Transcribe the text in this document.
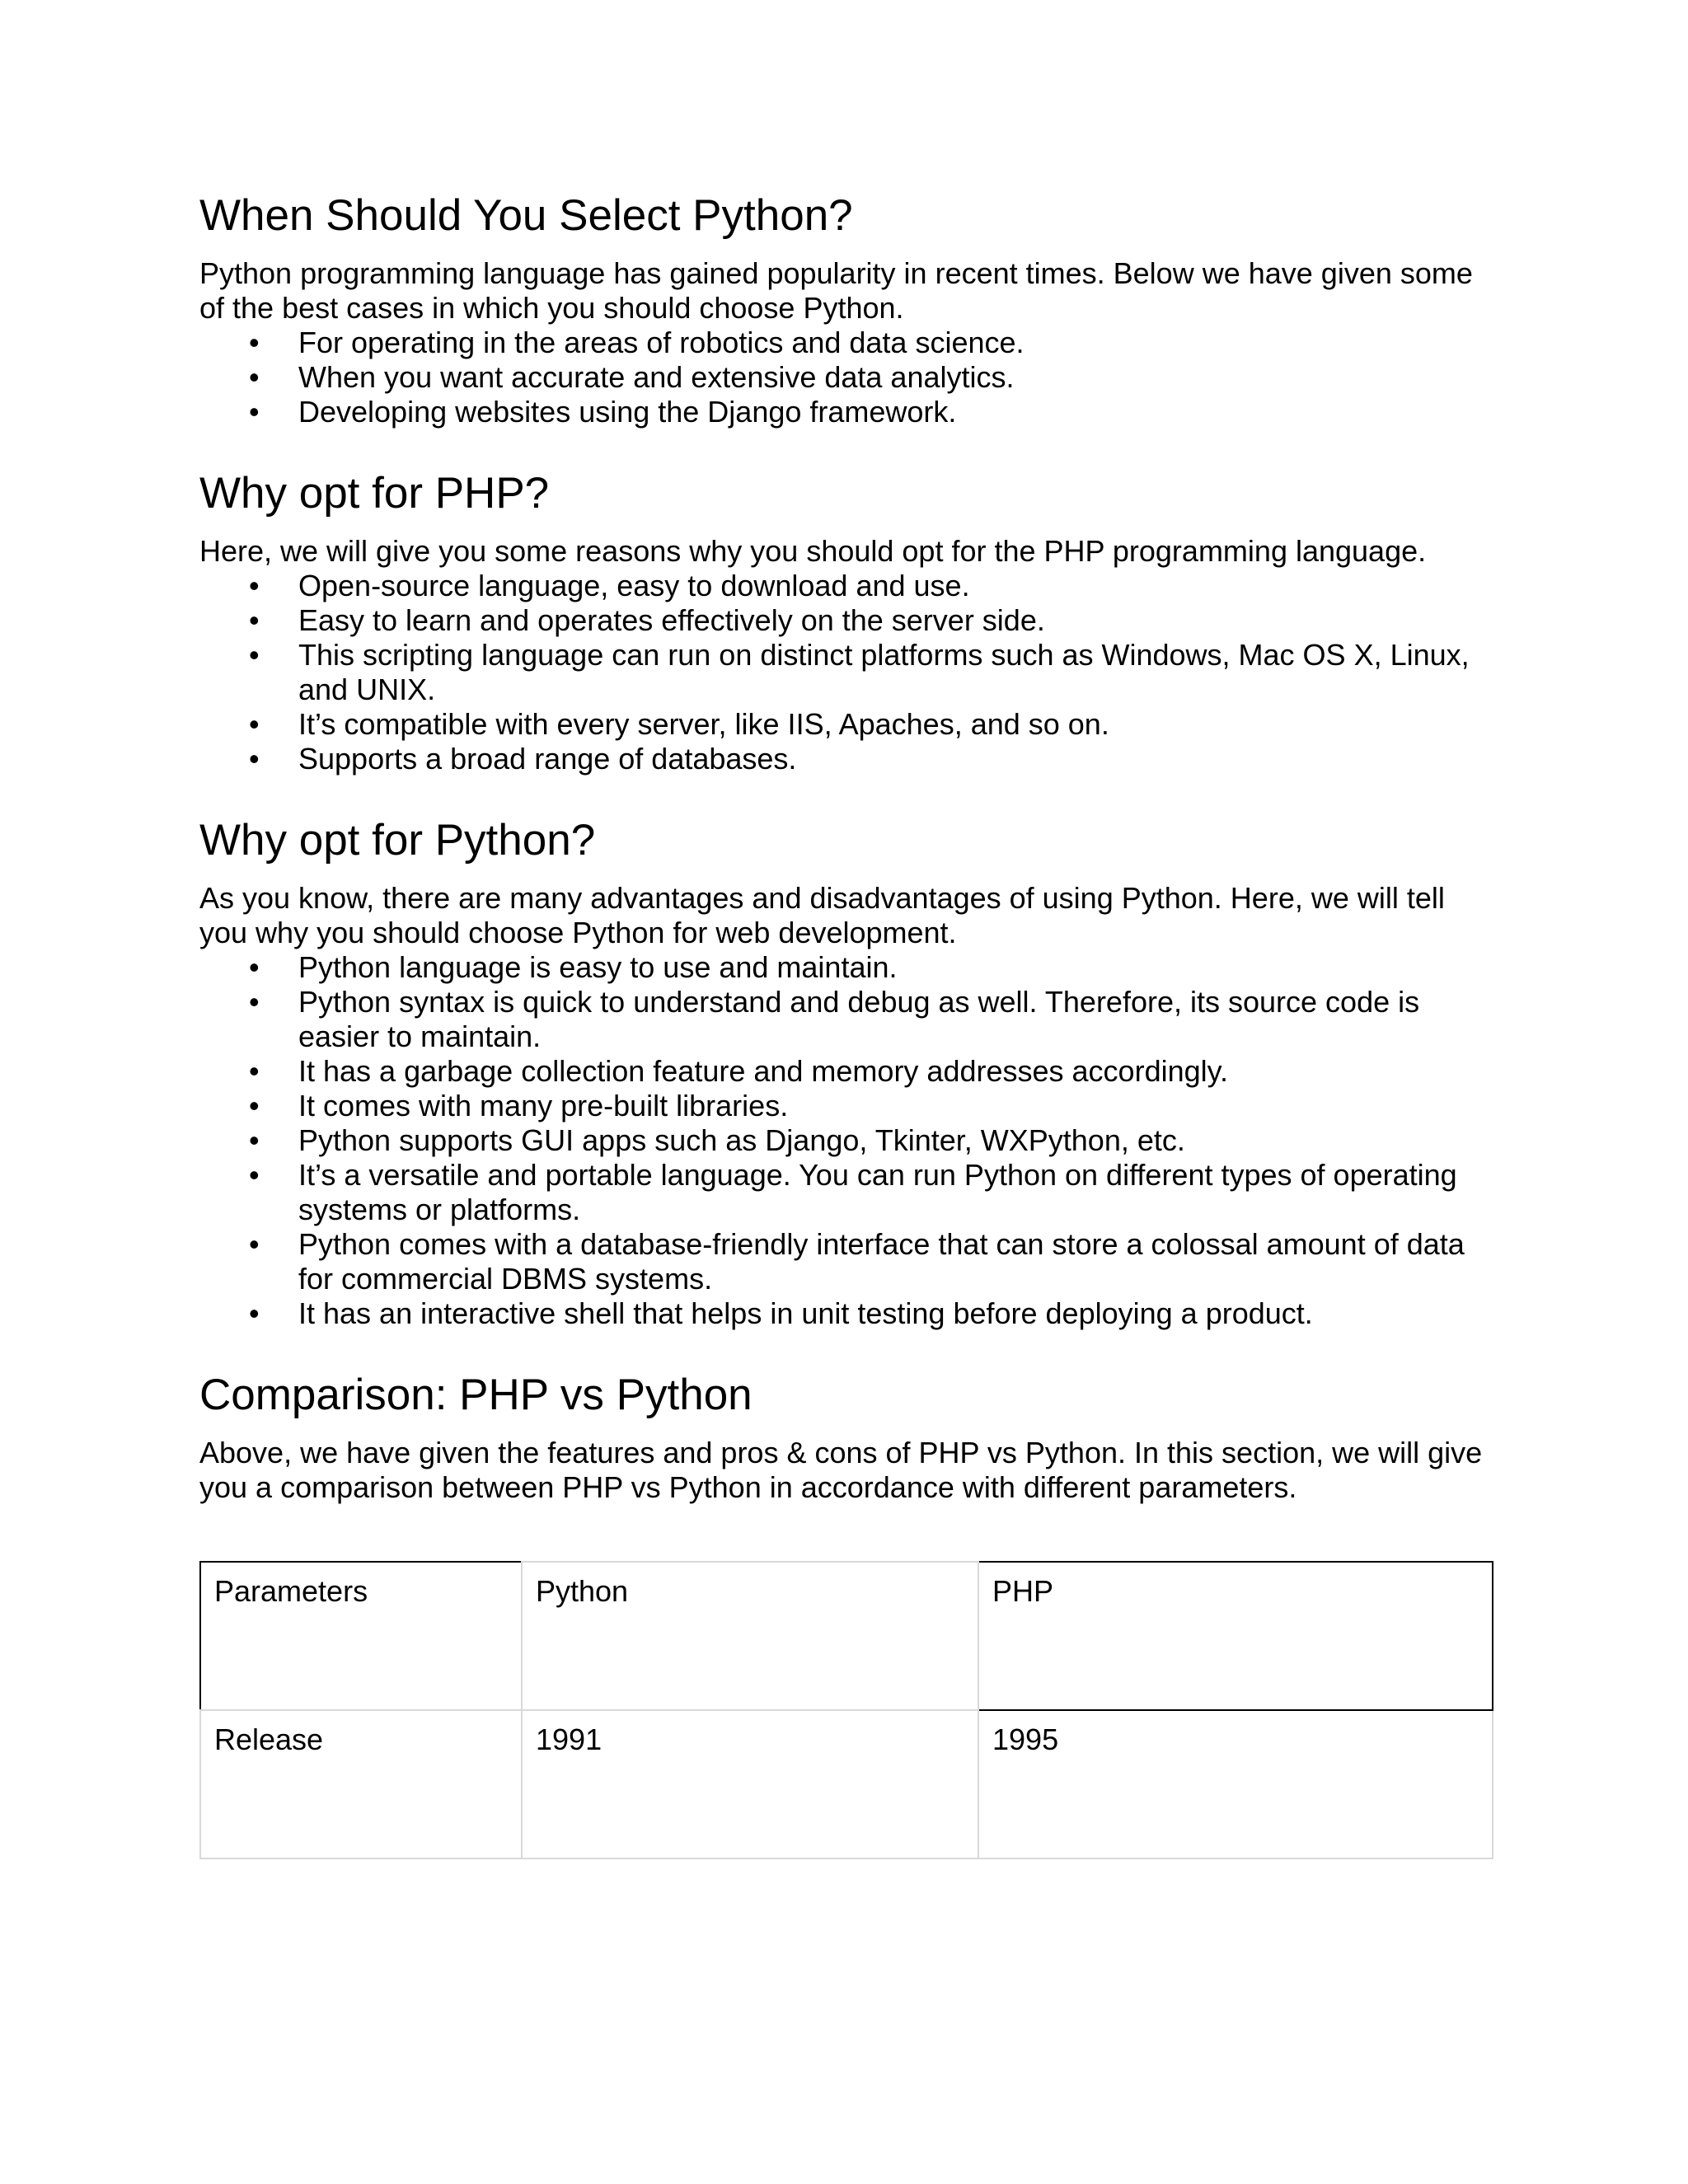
When Should You Select Python?

Python programming language has gained popularity in recent times. Below we have given some of the best cases in which you should choose Python.

• For operating in the areas of robotics and data science.
• When you want accurate and extensive data analytics.
• Developing websites using the Django framework.
Why opt for PHP?

Here, we will give you some reasons why you should opt for the PHP programming language.

• Open-source language, easy to download and use.
• Easy to learn and operates effectively on the server side.
• This scripting language can run on distinct platforms such as Windows, Mac OS X, Linux, and UNIX.
• It’s compatible with every server, like IIS, Apaches, and so on.
• Supports a broad range of databases.
Why opt for Python?

As you know, there are many advantages and disadvantages of using Python. Here, we will tell you why you should choose Python for web development.

• Python language is easy to use and maintain.
• Python syntax is quick to understand and debug as well. Therefore, its source code is easier to maintain.
• It has a garbage collection feature and memory addresses accordingly.
• It comes with many pre-built libraries.
• Python supports GUI apps such as Django, Tkinter, WXPython, etc.
• It’s a versatile and portable language. You can run Python on different types of operating systems or platforms.
• Python comes with a database-friendly interface that can store a colossal amount of data for commercial DBMS systems.
• It has an interactive shell that helps in unit testing before deploying a product.
Comparison: PHP vs Python

Above, we have given the features and pros & cons of PHP vs Python. In this section, we will give you a comparison between PHP vs Python in accordance with different parameters.

Parameters	Python	PHP
Release	1991	1995
